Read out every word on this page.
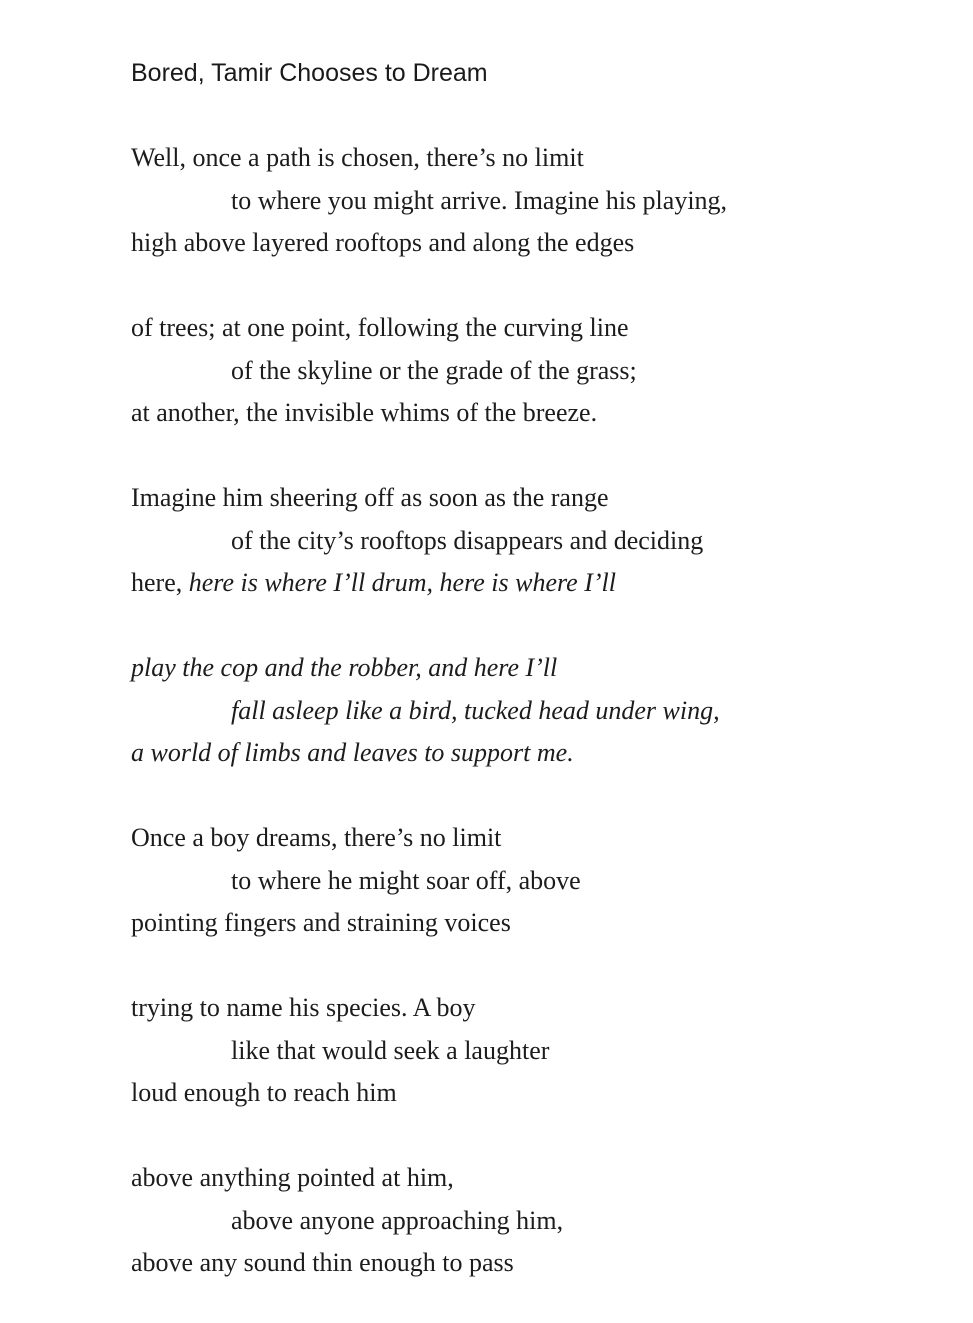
Bored, Tamir Chooses to Dream
Well, once a path is chosen, there’s no limit
to where you might arrive. Imagine his playing,
high above layered rooftops and along the edges
of trees; at one point, following the curving line
of the skyline or the grade of the grass;
at another, the invisible whims of the breeze.
Imagine him sheering off as soon as the range
of the city’s rooftops disappears and deciding
here, here is where I’ll drum, here is where I’ll
play the cop and the robber, and here I’ll
fall asleep like a bird, tucked head under wing,
a world of limbs and leaves to support me.
Once a boy dreams, there’s no limit
to where he might soar off, above
pointing fingers and straining voices
trying to name his species. A boy
like that would seek a laughter
loud enough to reach him
above anything pointed at him,
above anyone approaching him,
above any sound thin enough to pass
